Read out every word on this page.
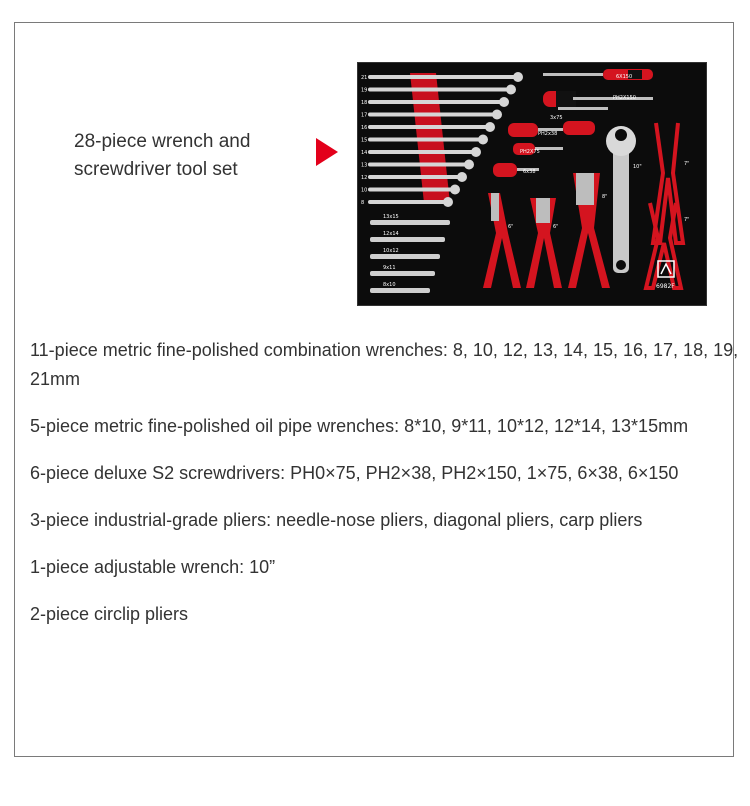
28-piece wrench and screwdriver tool set
21
19
18
17
16
15
14
13
12
10
8
13x15
12x14
10x12
9x11
8x10
6X150
PH2X150
3x75
PH2x38
PH2X75
6x38
10"
6"	6"
8"
7"
7"
6982F
11-piece metric fine-polished combination wrenches: 8, 10, 12, 13, 14, 15, 16, 17, 18, 19, 21mm
5-piece metric fine-polished oil pipe wrenches: 8*10, 9*11, 10*12, 12*14, 13*15mm
6-piece deluxe S2 screwdrivers: PH0×75, PH2×38, PH2×150, 1×75, 6×38, 6×150
3-piece industrial-grade pliers: needle-nose pliers, diagonal pliers, carp pliers
1-piece adjustable wrench: 10”
2-piece circlip pliers
